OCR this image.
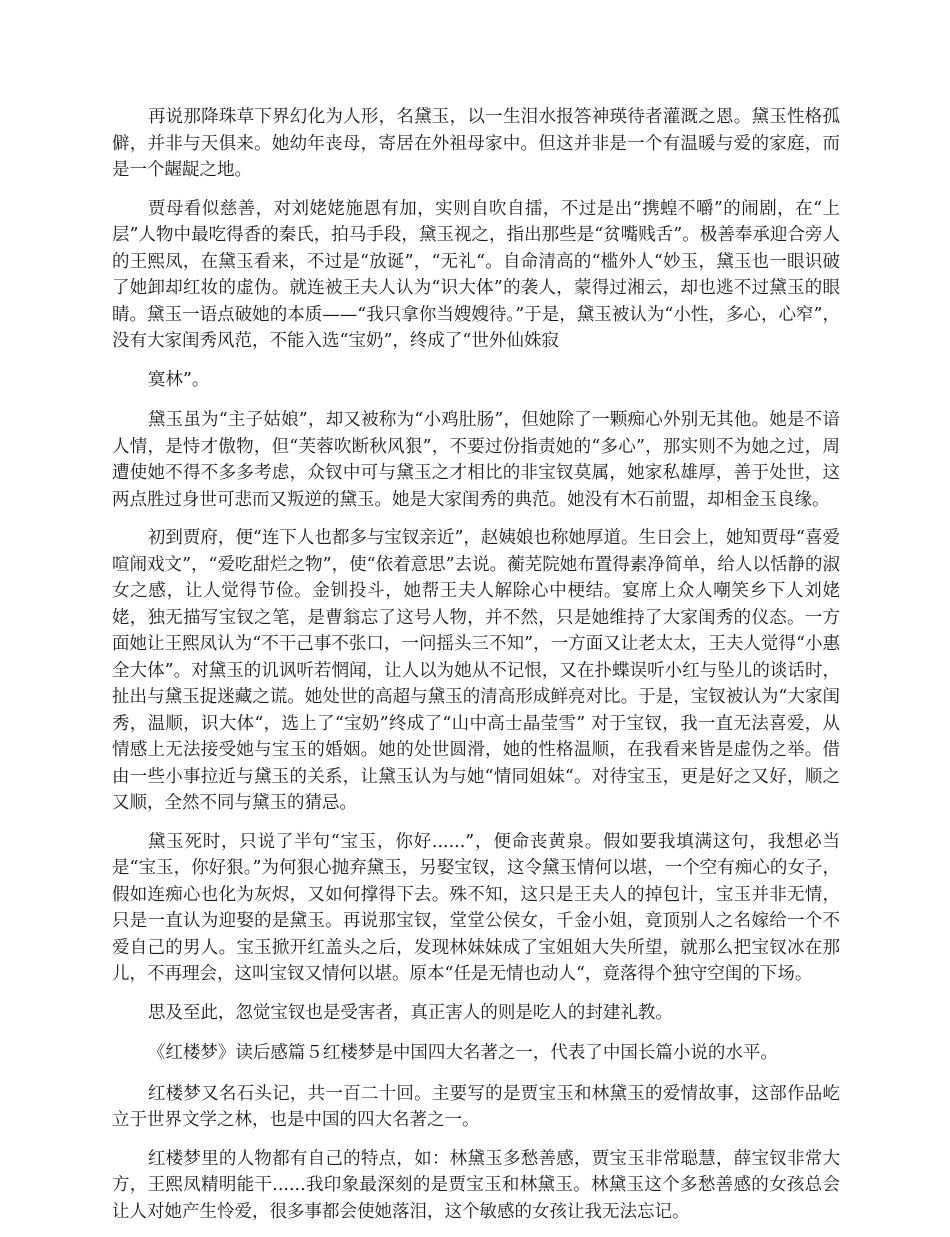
再说那降珠草下界幻化为人形，名黛玉，以一生泪水报答神瑛待者灌溉之恩。黛玉性格孤僻，并非与天俱来。她幼年丧母，寄居在外祖母家中。但这并非是一个有温暖与爱的家庭，而是一个龌龊之地。

贾母看似慈善，对刘姥姥施恩有加，实则自吹自擂，不过是出“携蝗不嚼”的闹剧，在“上层”人物中最吃得香的秦氏，拍马手段，黛玉视之，指出那些是“贫嘴贱舌”。极善奉承迎合旁人的王熙凤，在黛玉看来，不过是“放诞”，“无礼“。自命清高的“槛外人“妙玉，黛玉也一眼识破了她卸却红妆的虚伪。就连被王夫人认为“识大体”的袭人，蒙得过湘云，却也逃不过黛玉的眼睛。黛玉一语点破她的本质——“我只拿你当嫂嫂待。”于是，黛玉被认为“小性，多心，心窄”，没有大家闺秀风范，不能入选“宝奶”，终成了“世外仙姝寂

寞林”。

黛玉虽为“主子姑娘”，却又被称为“小鸡肚肠”，但她除了一颗痴心外别无其他。她是不谙人情，是恃才傲物，但“芙蓉吹断秋风狠”，不要过份指责她的“多心”，那实则不为她之过，周遭使她不得不多多考虑，众钗中可与黛玉之才相比的非宝钗莫属，她家私雄厚，善于处世，这两点胜过身世可悲而又叛逆的黛玉。她是大家闺秀的典范。她没有木石前盟，却相金玉良缘。

初到贾府，便“连下人也都多与宝钗亲近”，赵姨娘也称她厚道。生日会上，她知贾母“喜爱喧闹戏文”，“爱吃甜烂之物”，使“依着意思”去说。蘅芜院她布置得素净简单，给人以恬静的淑女之感，让人觉得节俭。金钏投斗，她帮王夫人解除心中梗结。宴席上众人嘲笑乡下人刘姥姥，独无描写宝钗之笔，是曹翁忘了这号人物，并不然，只是她维持了大家闺秀的仪态。一方面她让王熙凤认为“不干己事不张口，一问摇头三不知”，一方面又让老太太，王夫人觉得“小惠全大体”。对黛玉的讥讽听若惘闻，让人以为她从不记恨，又在扑蝶误听小红与坠儿的谈话时，扯出与黛玉捉迷藏之谎。她处世的高超与黛玉的清高形成鲜亮对比。于是，宝钗被认为“大家闺秀，温顺，识大体“，选上了“宝奶”终成了“山中高士晶莹雪” 对于宝钗，我一直无法喜爱，从情感上无法接受她与宝玉的婚姻。她的处世圆滑，她的性格温顺，在我看来皆是虚伪之举。借由一些小事拉近与黛玉的关系，让黛玉认为与她“情同姐妹“。对待宝玉，更是好之又好，顺之又顺，全然不同与黛玉的猜忌。

黛玉死时，只说了半句“宝玉，你好......”，便命丧黄泉。假如要我填满这句，我想必当是“宝玉，你好狠。”为何狠心抛弃黛玉，另娶宝钗，这令黛玉情何以堪，一个空有痴心的女子，假如连痴心也化为灰烬，又如何撑得下去。殊不知，这只是王夫人的掉包计，宝玉并非无情，只是一直认为迎娶的是黛玉。再说那宝钗，堂堂公侯女，千金小姐，竟顶别人之名嫁给一个不爱自己的男人。宝玉掀开红盖头之后，发现林妹妹成了宝姐姐大失所望，就那么把宝钗冰在那儿，不再理会，这叫宝钗又情何以堪。原本“任是无情也动人“，竟落得个独守空闺的下场。

思及至此，忽觉宝钗也是受害者，真正害人的则是吃人的封建礼教。

《红楼梦》读后感篇５红楼梦是中国四大名著之一，代表了中国长篇小说的水平。

红楼梦又名石头记，共一百二十回。主要写的是贾宝玉和林黛玉的爱情故事，这部作品屹立于世界文学之林，也是中国的四大名著之一。

红楼梦里的人物都有自己的特点，如：林黛玉多愁善感，贾宝玉非常聪慧，薛宝钗非常大方，王熙凤精明能干......我印象最深刻的是贾宝玉和林黛玉。林黛玉这个多愁善感的女孩总会让人对她产生怜爱，很多事都会使她落泪，这个敏感的女孩让我无法忘记。
